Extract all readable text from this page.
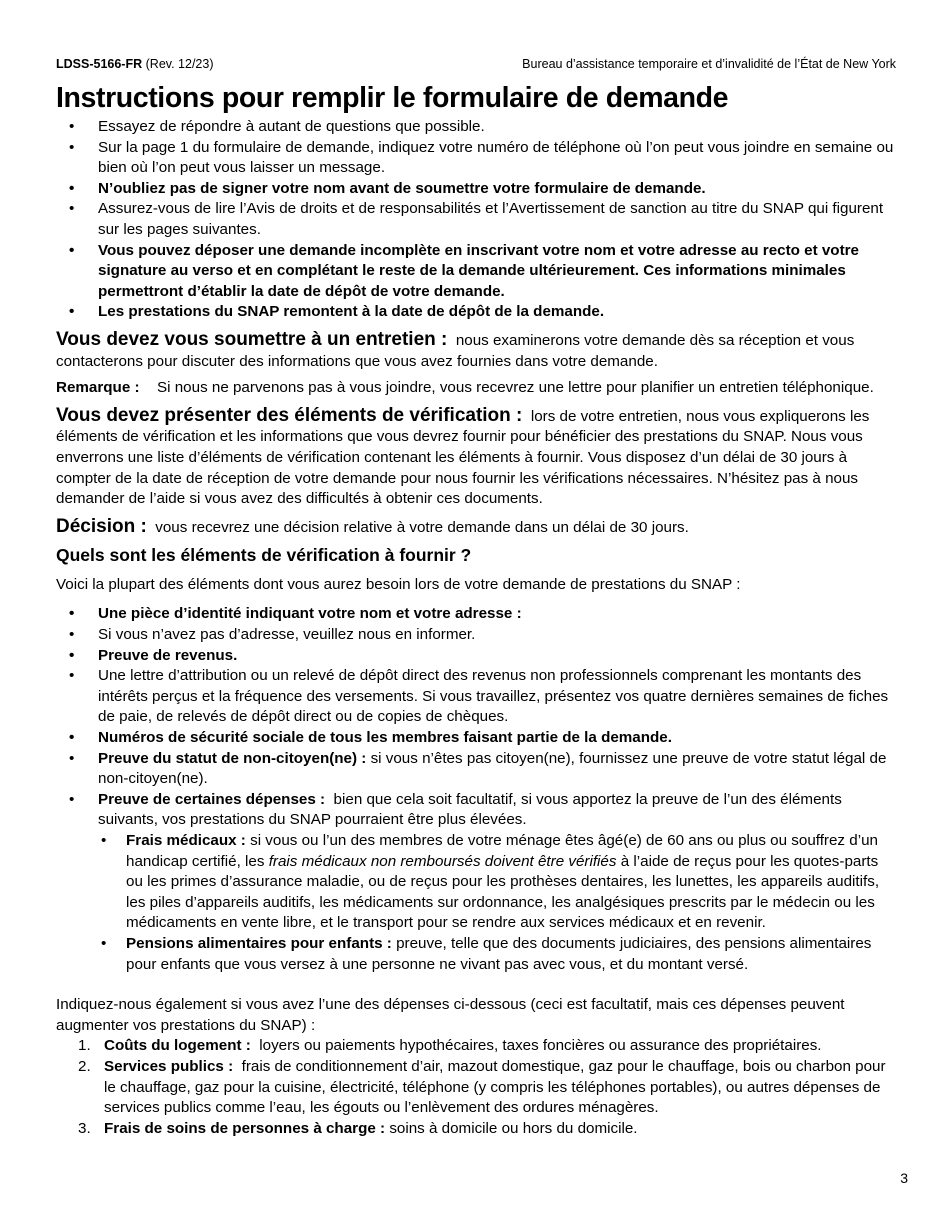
LDSS-5166-FR (Rev. 12/23)	Bureau d’assistance temporaire et d’invalidité de l’État de New York
Instructions pour remplir le formulaire de demande
• Essayez de répondre à autant de questions que possible.
• Sur la page 1 du formulaire de demande, indiquez votre numéro de téléphone où l’on peut vous joindre en semaine ou bien où l’on peut vous laisser un message.
• N’oubliez pas de signer votre nom avant de soumettre votre formulaire de demande.
• Assurez-vous de lire l’Avis de droits et de responsabilités et l’Avertissement de sanction au titre du SNAP qui figurent sur les pages suivantes.
• Vous pouvez déposer une demande incomplète en inscrivant votre nom et votre adresse au recto et votre signature au verso et en complétant le reste de la demande ultérieurement. Ces informations minimales permettront d’établir la date de dépôt de votre demande.
• Les prestations du SNAP remontent à la date de dépôt de la demande.
Vous devez vous soumettre à un entretien : nous examinerons votre demande dès sa réception et vous contacterons pour discuter des informations que vous avez fournies dans votre demande.
Remarque : Si nous ne parvenons pas à vous joindre, vous recevrez une lettre pour planifier un entretien téléphonique.
Vous devez présenter des éléments de vérification : lors de votre entretien, nous vous expliquerons les éléments de vérification et les informations que vous devrez fournir pour bénéficier des prestations du SNAP. Nous vous enverrons une liste d’éléments de vérification contenant les éléments à fournir. Vous disposez d’un délai de 30 jours à compter de la date de réception de votre demande pour nous fournir les vérifications nécessaires. N’hésitez pas à nous demander de l’aide si vous avez des difficultés à obtenir ces documents.
Décision : vous recevrez une décision relative à votre demande dans un délai de 30 jours.
Quels sont les éléments de vérification à fournir ?
Voici la plupart des éléments dont vous aurez besoin lors de votre demande de prestations du SNAP :
• Une pièce d’identité indiquant votre nom et votre adresse :
• Si vous n’avez pas d’adresse, veuillez nous en informer.
• Preuve de revenus.
• Une lettre d’attribution ou un relevé de dépôt direct des revenus non professionnels comprenant les montants des intérêts perçus et la fréquence des versements. Si vous travaillez, présentez vos quatre dernières semaines de fiches de paie, de relevés de dépôt direct ou de copies de chèques.
• Numéros de sécurité sociale de tous les membres faisant partie de la demande.
• Preuve du statut de non-citoyen(ne) : si vous n’êtes pas citoyen(ne), fournissez une preuve de votre statut légal de non-citoyen(ne).
• Preuve de certaines dépenses : bien que cela soit facultatif, si vous apportez la preuve de l’un des éléments suivants, vos prestations du SNAP pourraient être plus élevées.
• Frais médicaux : si vous ou l’un des membres de votre ménage êtes âgé(e) de 60 ans ou plus ou souffrez d’un handicap certifié, les frais médicaux non remboursés doivent être vérifiés à l’aide de reçus pour les quotes-parts ou les primes d’assurance maladie, ou de reçus pour les prothèses dentaires, les lunettes, les appareils auditifs, les piles d’appareils auditifs, les médicaments sur ordonnance, les analgésiques prescrits par le médecin ou les médicaments en vente libre, et le transport pour se rendre aux services médicaux et en revenir.
• Pensions alimentaires pour enfants : preuve, telle que des documents judiciaires, des pensions alimentaires pour enfants que vous versez à une personne ne vivant pas avec vous, et du montant versé.
Indiquez-nous également si vous avez l’une des dépenses ci-dessous (ceci est facultatif, mais ces dépenses peuvent augmenter vos prestations du SNAP) :
1. Coûts du logement : loyers ou paiements hypothécaires, taxes foncières ou assurance des propriétaires.
2. Services publics : frais de conditionnement d’air, mazout domestique, gaz pour le chauffage, bois ou charbon pour le chauffage, gaz pour la cuisine, électricité, téléphone (y compris les téléphones portables), ou autres dépenses de services publics comme l’eau, les égouts ou l’enlèvement des ordures ménagères.
3. Frais de soins de personnes à charge : soins à domicile ou hors du domicile.
3
